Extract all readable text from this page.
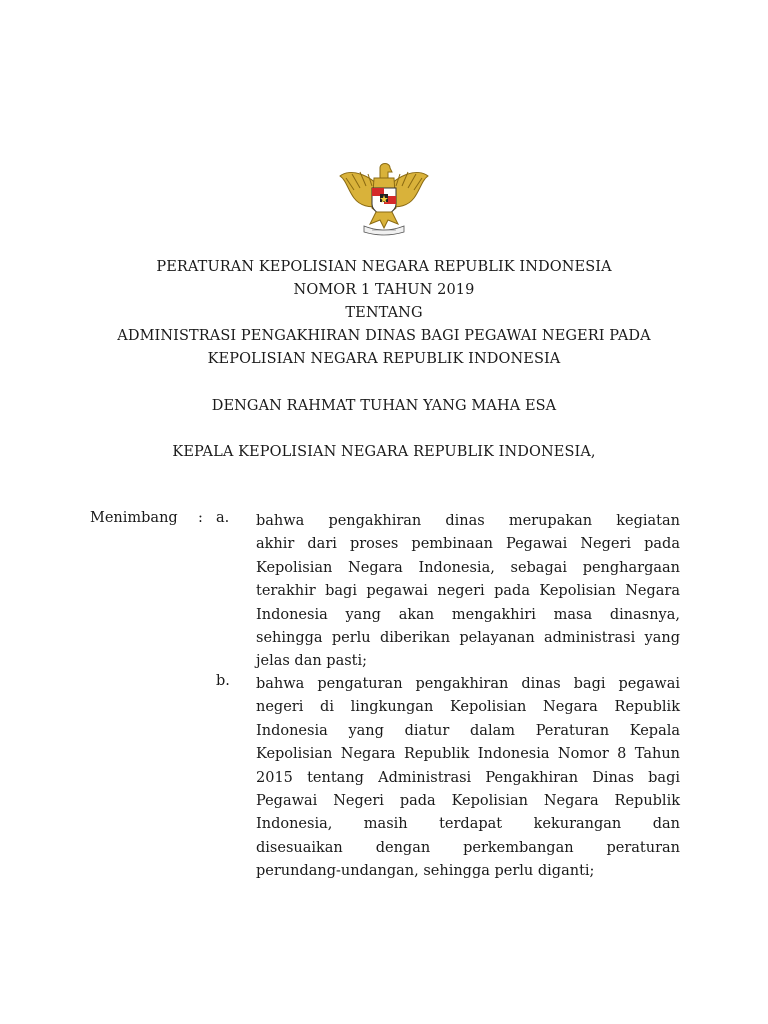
PERATURAN KEPOLISIAN NEGARA REPUBLIK INDONESIA
NOMOR 1 TAHUN 2019
TENTANG
ADMINISTRASI PENGAKHIRAN DINAS BAGI PEGAWAI NEGERI PADA
KEPOLISIAN NEGARA REPUBLIK INDONESIA
DENGAN RAHMAT TUHAN YANG MAHA ESA
KEPALA KEPOLISIAN NEGARA REPUBLIK INDONESIA,
Menimbang : a. bahwa pengakhiran dinas merupakan kegiatan
akhir dari proses pembinaan Pegawai Negeri pada
Kepolisian Negara Indonesia, sebagai penghargaan
terakhir bagi pegawai negeri pada Kepolisian Negara
Indonesia yang akan mengakhiri masa dinasnya,
sehingga perlu diberikan pelayanan administrasi yang
jelas dan pasti;
b. bahwa pengaturan pengakhiran dinas bagi pegawai
negeri di lingkungan Kepolisian Negara Republik
Indonesia yang diatur dalam Peraturan Kepala
Kepolisian Negara Republik Indonesia Nomor 8 Tahun
2015 tentang Administrasi Pengakhiran Dinas bagi
Pegawai Negeri pada Kepolisian Negara Republik
Indonesia, masih terdapat kekurangan dan
disesuaikan dengan perkembangan peraturan
perundang-undangan, sehingga perlu diganti;
